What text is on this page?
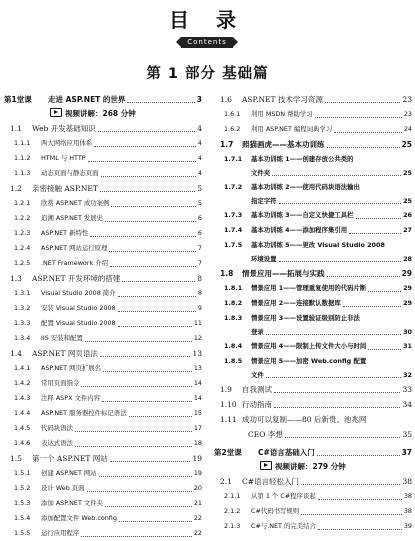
目 录
Contents
第 1 部分 基础篇
第1堂课	走进 ASP.NET 的世界	3
视频讲解：268 分钟
1.1	Web 开发基础知识	4
1.1.1	两大网络应用体系	4
1.1.2	HTML 与 HTTP	4
1.1.3	动态页面与静态页面	4
1.2	亲密接触 ASP.NET	5
1.2.1	欣赏 ASP.NET 成功案例	5
1.2.2	追溯 ASP.NET 发展史	6
1.2.3	ASP.NET 新特性	6
1.2.4	ASP.NET 网站运行原理	7
1.2.5	.NET Framework 介绍	7
1.3	ASP.NET 开发环境的搭建	8
1.3.1	Visual Studio 2008 简介	8
1.3.2	安装 Visual Studio 2008	9
1.3.3	配置 Visual Studio 2008	11
1.3.4	IIS 安装和配置	12
1.4	ASP.NET 网页语法	13
1.4.1	ASP.NET 网页扩展名	13
1.4.2	常用页面指令	14
1.4.3	注释 ASPX 文件内容	14
1.4.4	ASP.NET 服务器控件标记语法	15
1.4.5	代码块语法	17
1.4.6	表达式语法	18
1.5	第一个 ASP.NET 网站	19
1.5.1	创建 ASP.NET 网站	19
1.5.2	设计 Web 页面	20
1.5.3	添加 ASP.NET 文件夹	21
1.5.4	添加配置文件 Web.config	22
1.5.5	运行应用程序	22
1.6	ASP.NET 技术学习资源	23
1.6.1	利用 MSDN 帮助学习	23
1.6.2	利用 ASP.NET 编程词典学习	24
1.7	照猫画虎——基本功训练	25
1.7.1	基本功训练 1——创建存放公共类的
文件夹	25
1.7.2	基本功训练 2——使用代码块语法输出
指定字符	25
1.7.3	基本功训练 3——自定义快捷工具栏	26
1.7.4	基本功训练 4——添加程序集引用	27
1.7.5	基本功训练 5——更改 Visual Studio 2008
环境设置	28
1.8	情景应用——拓展与实践	29
1.8.1	情景应用 1——管理重复使用的代码片断	29
1.8.2	情景应用 2——连接默认数据库	29
1.8.3	情景应用 3——设置验证级别防止非法
登录	30
1.8.4	情景应用 4——限制上传文件大小与时间	31
1.8.5	情景应用 5——加密 Web.config 配置
文件	32
1.9	自我测试	33
1.10 行动指南	34
1.11 成功可以复制——80 后新贵、池兆网
CEO 李想	35
第2堂课	C#语言基础入门	37
视频讲解：279 分钟
2.1	C#语言轻松入门	38
2.1.1	从第 1 个 C#程序谈起	38
2.1.2	C#代码书写规则	38
2.1.3	C#与.NET 的完美结合	39
